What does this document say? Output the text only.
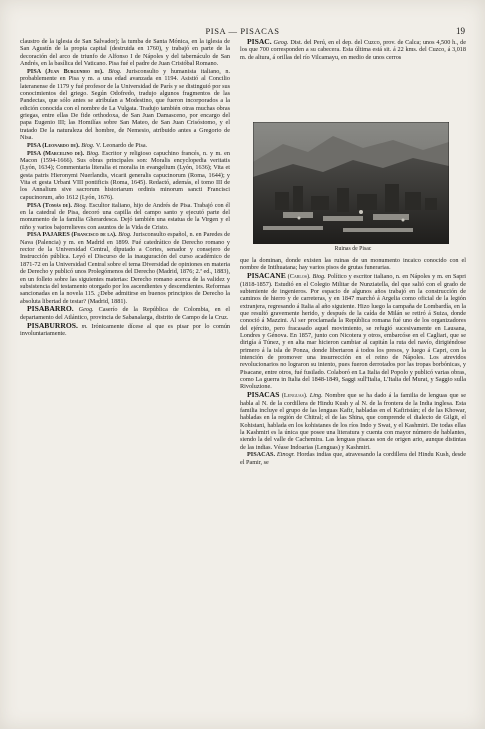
PISA — PISACAS	19

claustro de la iglesia de San Salvador); la tumba de Santa Mónica, en la iglesia de San Agustín de la propia capital (destruida en 1760), y trabajó en parte de la decoración del arco de triunfo de Alfonso I de Nápoles y del tabernáculo de San Andrés, en la basílica del Vaticano. Pisa fué el padre de Juan Cristóbal Romano.

PISA (Juan Burgundio de). Biog. Jurisconsulto y humanista italiano, n. probablemente en Pisa y m. a una edad avanzada en 1194. Asistió al Concilio lateranense de 1179 y fué profesor de la Universidad de París y se distinguió por sus conocimientos del griego. Según Odofredo, tradujo algunos fragmentos de las Pandectas, que sólo antes se atribuían a Modestino, que fueron incorporados a la edición conocida con el nombre de La Vulgata. Tradujo también otras muchas obras griegas, entre ellas De fide orthodoxa, de San Juan Damasceno, por encargo del papa Eugenio III; las Homilías sobre San Mateo, de San Juan Crisóstomo, y el tratado De la naturaleza del hombre, de Nemesio, atribuido antes a Gregorio de Nisa.

PISA (Leonardo de). Biog. V. Leonardo de Pisa.

PISA (Marcelino de). Biog. Escritor y religioso capuchino francés, n. y m. en Macon (1594-1666). Sus obras principales son: Moralis encyclopedia veritatis (Lyón, 1634); Commentaria literalia et moralia in evangelium (Lyón, 1636); Vita et gesta patris Hieronymi Nuerlandis, vicarii generalis capucinorum (Roma, 1644); y Vita et gesta Urbani VIII pontificis (Roma, 1645). Redactó, además, el tomo III de los Annalium sive sacrorum historiarum ordinis minorum sancti Francisci capucinorum, año 1612 (Lyón, 1676).

PISA (Tomás de). Biog. Escultor italiano, hijo de Andrés de Pisa. Trabajó con él en la catedral de Pisa, decoró una capilla del campo santo y ejecutó parte del monumento de la familia Gherardesca. Dejó también una estatua de la Virgen y el niño y varios bajorrelieves con asuntos de la Vida de Cristo.

PISA PAJARES (Francisco de la). Biog. Jurisconsulto español, n. en Paredes de Nava (Palencia) y m. en Madrid en 1899. Fué catedrático de Derecho romano y rector de la Universidad Central, diputado a Cortes, senador y consejero de Instrucción pública. Leyó el Discurso de la inauguración del curso académico de 1871-72 en la Universidad Central sobre el tema Diversidad de opiniones en materia de Derecho y publicó unos Prolegómenos del Derecho (Madrid, 1876; 2.ª ed., 1883), en un folleto sobre las siguientes materias: Derecho romano acerca de la validez y subsistencia del testamento otorgado por los ascendientes y descendientes. Reformas sancionadas en la novela 115. ¿Debe admitirse en buenos principios de Derecho la absoluta libertad de testar? (Madrid, 1881).

PISABARRO. Geog. Caserío de la República de Colombia, en el departamento del Atlántico, provincia de Sabanalarga, distrito de Campo de la Cruz.

PISABURROS. m. Irónicamente dícese al que es pisar por lo común involuntariamente.

PISAC. Geog. Dist. del Perú, en el dep. del Cuzco, prov. de Calca; unos 4,500 h., de los que 700 corresponden a su cabecera. Esta última está sit. á 22 kms. del Cuzco, á 3,018 m. de altura, á orillas del río Vilcamayu, en medio de unos cerros

Ruinas de Pisac

que la dominan, donde existen las ruinas de un monumento incaico conocido con el nombre de Intihuatana; hay varios pisos de grutas funerarias.

PISACANE (Carlos). Biog. Político y escritor italiano, n. en Nápoles y m. en Sapri (1818-1857). Estudió en el Colegio Militar de Nunziatella, del que salió con el grado de subteniente de ingenieros. Por espacio de algunos años trabajó en la construcción de caminos de hierro y de carreteras, y en 1847 marchó á Argelia como oficial de la legión extranjera, regresando á Italia al año siguiente. Hizo luego la campaña de Lombardía, en la que resultó gravemente herido, y después de la caída de Milán se retiró á Suiza, donde conoció á Mazzini. Al ser proclamada la República romana fué uno de los organizadores del ejército, pero fracasado aquel movimiento, se refugió sucesivamente en Lausana, Londres y Génova. En 1857, junto con Nicotera y otros, embarcóse en el Cagliari, que se dirigía á Túnez, y en alta mar hicieron cambiar al capitán la ruta del navío, dirigiéndose primero á la isla de Ponza, donde libertaron á todos los presos, y luego á Capri, con la intención de promover una insurrección en el reino de Nápoles. Los atrevidos revolucionarios no lograron su intento, pues fueron derrotados por las tropas borbónicas, y Pisacane, entre otros, fué fusilado. Colaboró en La Italia del Popolo y publicó varias obras, como La guerra in Italia del 1848-1849, Saggi sull'Italia, L'Italia del Murat, y Saggio sulla Rivoluzione.

PISACAS (Lenguas). Ling. Nombre que se ha dado á la familia de lenguas que se habla al N. de la cordillera de Hindu Kush y al N. de la frontera de la India inglesa. Esta familia incluye el grupo de las lenguas Kafir, habladas en el Kafiristán; el de las Khowar, habladas en la región de Chitral; el de las Shina, que comprende el dialecto de Gilgit, el Kohistani, hablada en los kohistanes de los ríos Indo y Swat, y el Kashmiri. De todas ellas la Kashmiri es la única que posee una literatura y cuenta con mayor número de hablantes, siendo la del valle de Cachemira. Las lenguas pisacas son de origen ario, aunque distintas de las indias. Véase Indoarias (Lenguas) y Kashmiri.

PISACAS. Etnogr. Hordas indias que, atravesando la cordillera del Hindu Kush, desde el Pamir, se
